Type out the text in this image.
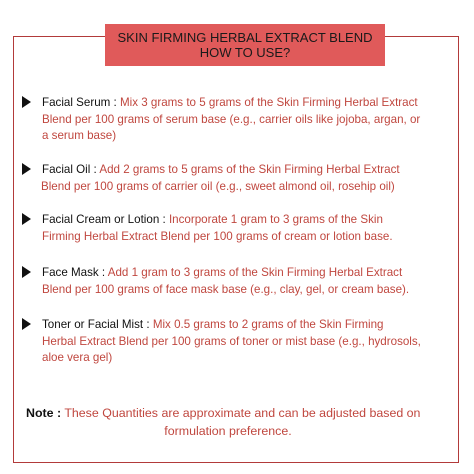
SKIN FIRMING HERBAL EXTRACT BLEND
HOW TO USE?
Facial Serum : Mix 3 grams to 5 grams of the Skin Firming Herbal Extract
Blend per 100 grams of serum base (e.g., carrier oils like jojoba, argan, or
a serum base)
Facial Oil : Add 2 grams to 5 grams of the Skin Firming Herbal Extract
Blend per 100 grams of carrier oil (e.g., sweet almond oil, rosehip oil)
Facial Cream or Lotion : Incorporate 1 gram to 3 grams of the Skin
Firming Herbal Extract Blend per 100 grams of cream or lotion base.
Face Mask : Add 1 gram to 3 grams of the Skin Firming Herbal Extract
Blend per 100 grams of face mask base (e.g., clay, gel, or cream base).
Toner or Facial Mist : Mix 0.5 grams to 2 grams of the Skin Firming
Herbal Extract Blend per 100 grams of toner or mist base (e.g., hydrosols,
aloe vera gel)
Note : These Quantities are approximate and can be adjusted based on
formulation preference.
